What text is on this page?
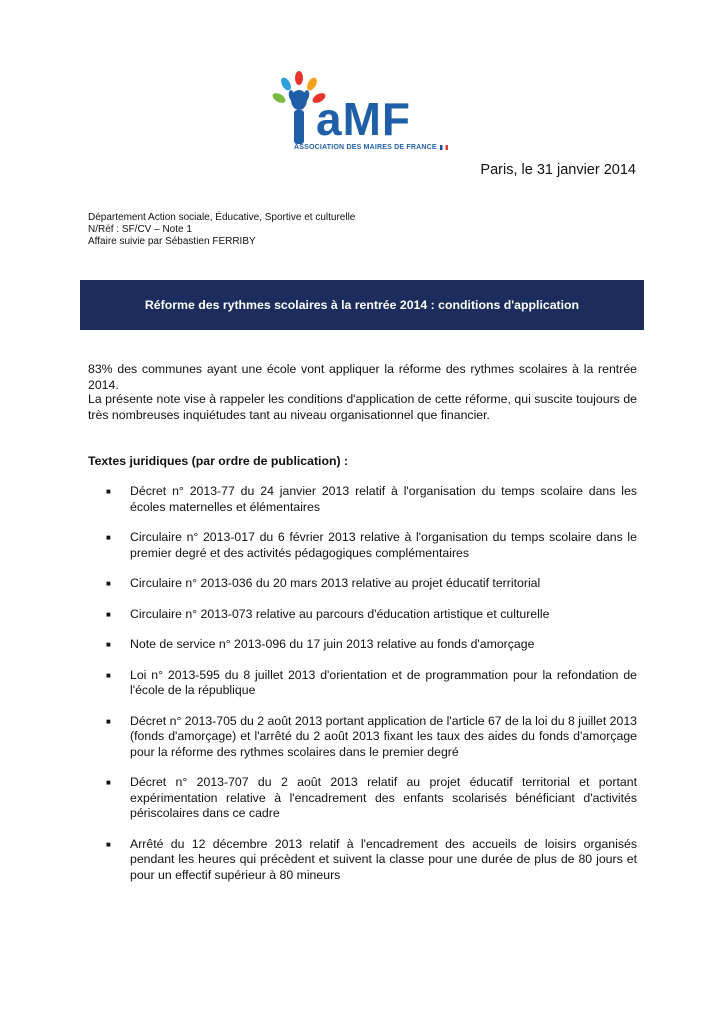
aMF
ASSOCIATION DES MAIRES DE FRANCE
Paris, le 31 janvier 2014
Département Action sociale, Éducative, Sportive et culturelle
N/Réf : SF/CV – Note 1
Affaire suivie par Sébastien FERRIBY
Réforme des rythmes scolaires à la rentrée 2014 : conditions d'application
83% des communes ayant une école vont appliquer la réforme des rythmes scolaires à la rentrée 2014.
La présente note vise à rappeler les conditions d'application de cette réforme, qui suscite toujours de très nombreuses inquiétudes tant au niveau organisationnel que financier.
Textes juridiques (par ordre de publication) :
■ Décret n° 2013-77 du 24 janvier 2013 relatif à l'organisation du temps scolaire dans les écoles maternelles et élémentaires
■ Circulaire n° 2013-017 du 6 février 2013 relative à l'organisation du temps scolaire dans le premier degré et des activités pédagogiques complémentaires
■ Circulaire n° 2013-036 du 20 mars 2013 relative au projet éducatif territorial
■ Circulaire n° 2013-073 relative au parcours d'éducation artistique et culturelle
■ Note de service n° 2013-096 du 17 juin 2013 relative au fonds d'amorçage
■ Loi n° 2013-595 du 8 juillet 2013 d'orientation et de programmation pour la refondation de l'école de la république
■ Décret n° 2013-705 du 2 août 2013 portant application de l'article 67 de la loi du 8 juillet 2013 (fonds d'amorçage) et l'arrêté du 2 août 2013 fixant les taux des aides du fonds d'amorçage pour la réforme des rythmes scolaires dans le premier degré
■ Décret n° 2013-707 du 2 août 2013 relatif au projet éducatif territorial et portant expérimentation relative à l'encadrement des enfants scolarisés bénéficiant d'activités périscolaires dans ce cadre
■ Arrêté du 12 décembre 2013 relatif à l'encadrement des accueils de loisirs organisés pendant les heures qui précèdent et suivent la classe pour une durée de plus de 80 jours et pour un effectif supérieur à 80 mineurs
